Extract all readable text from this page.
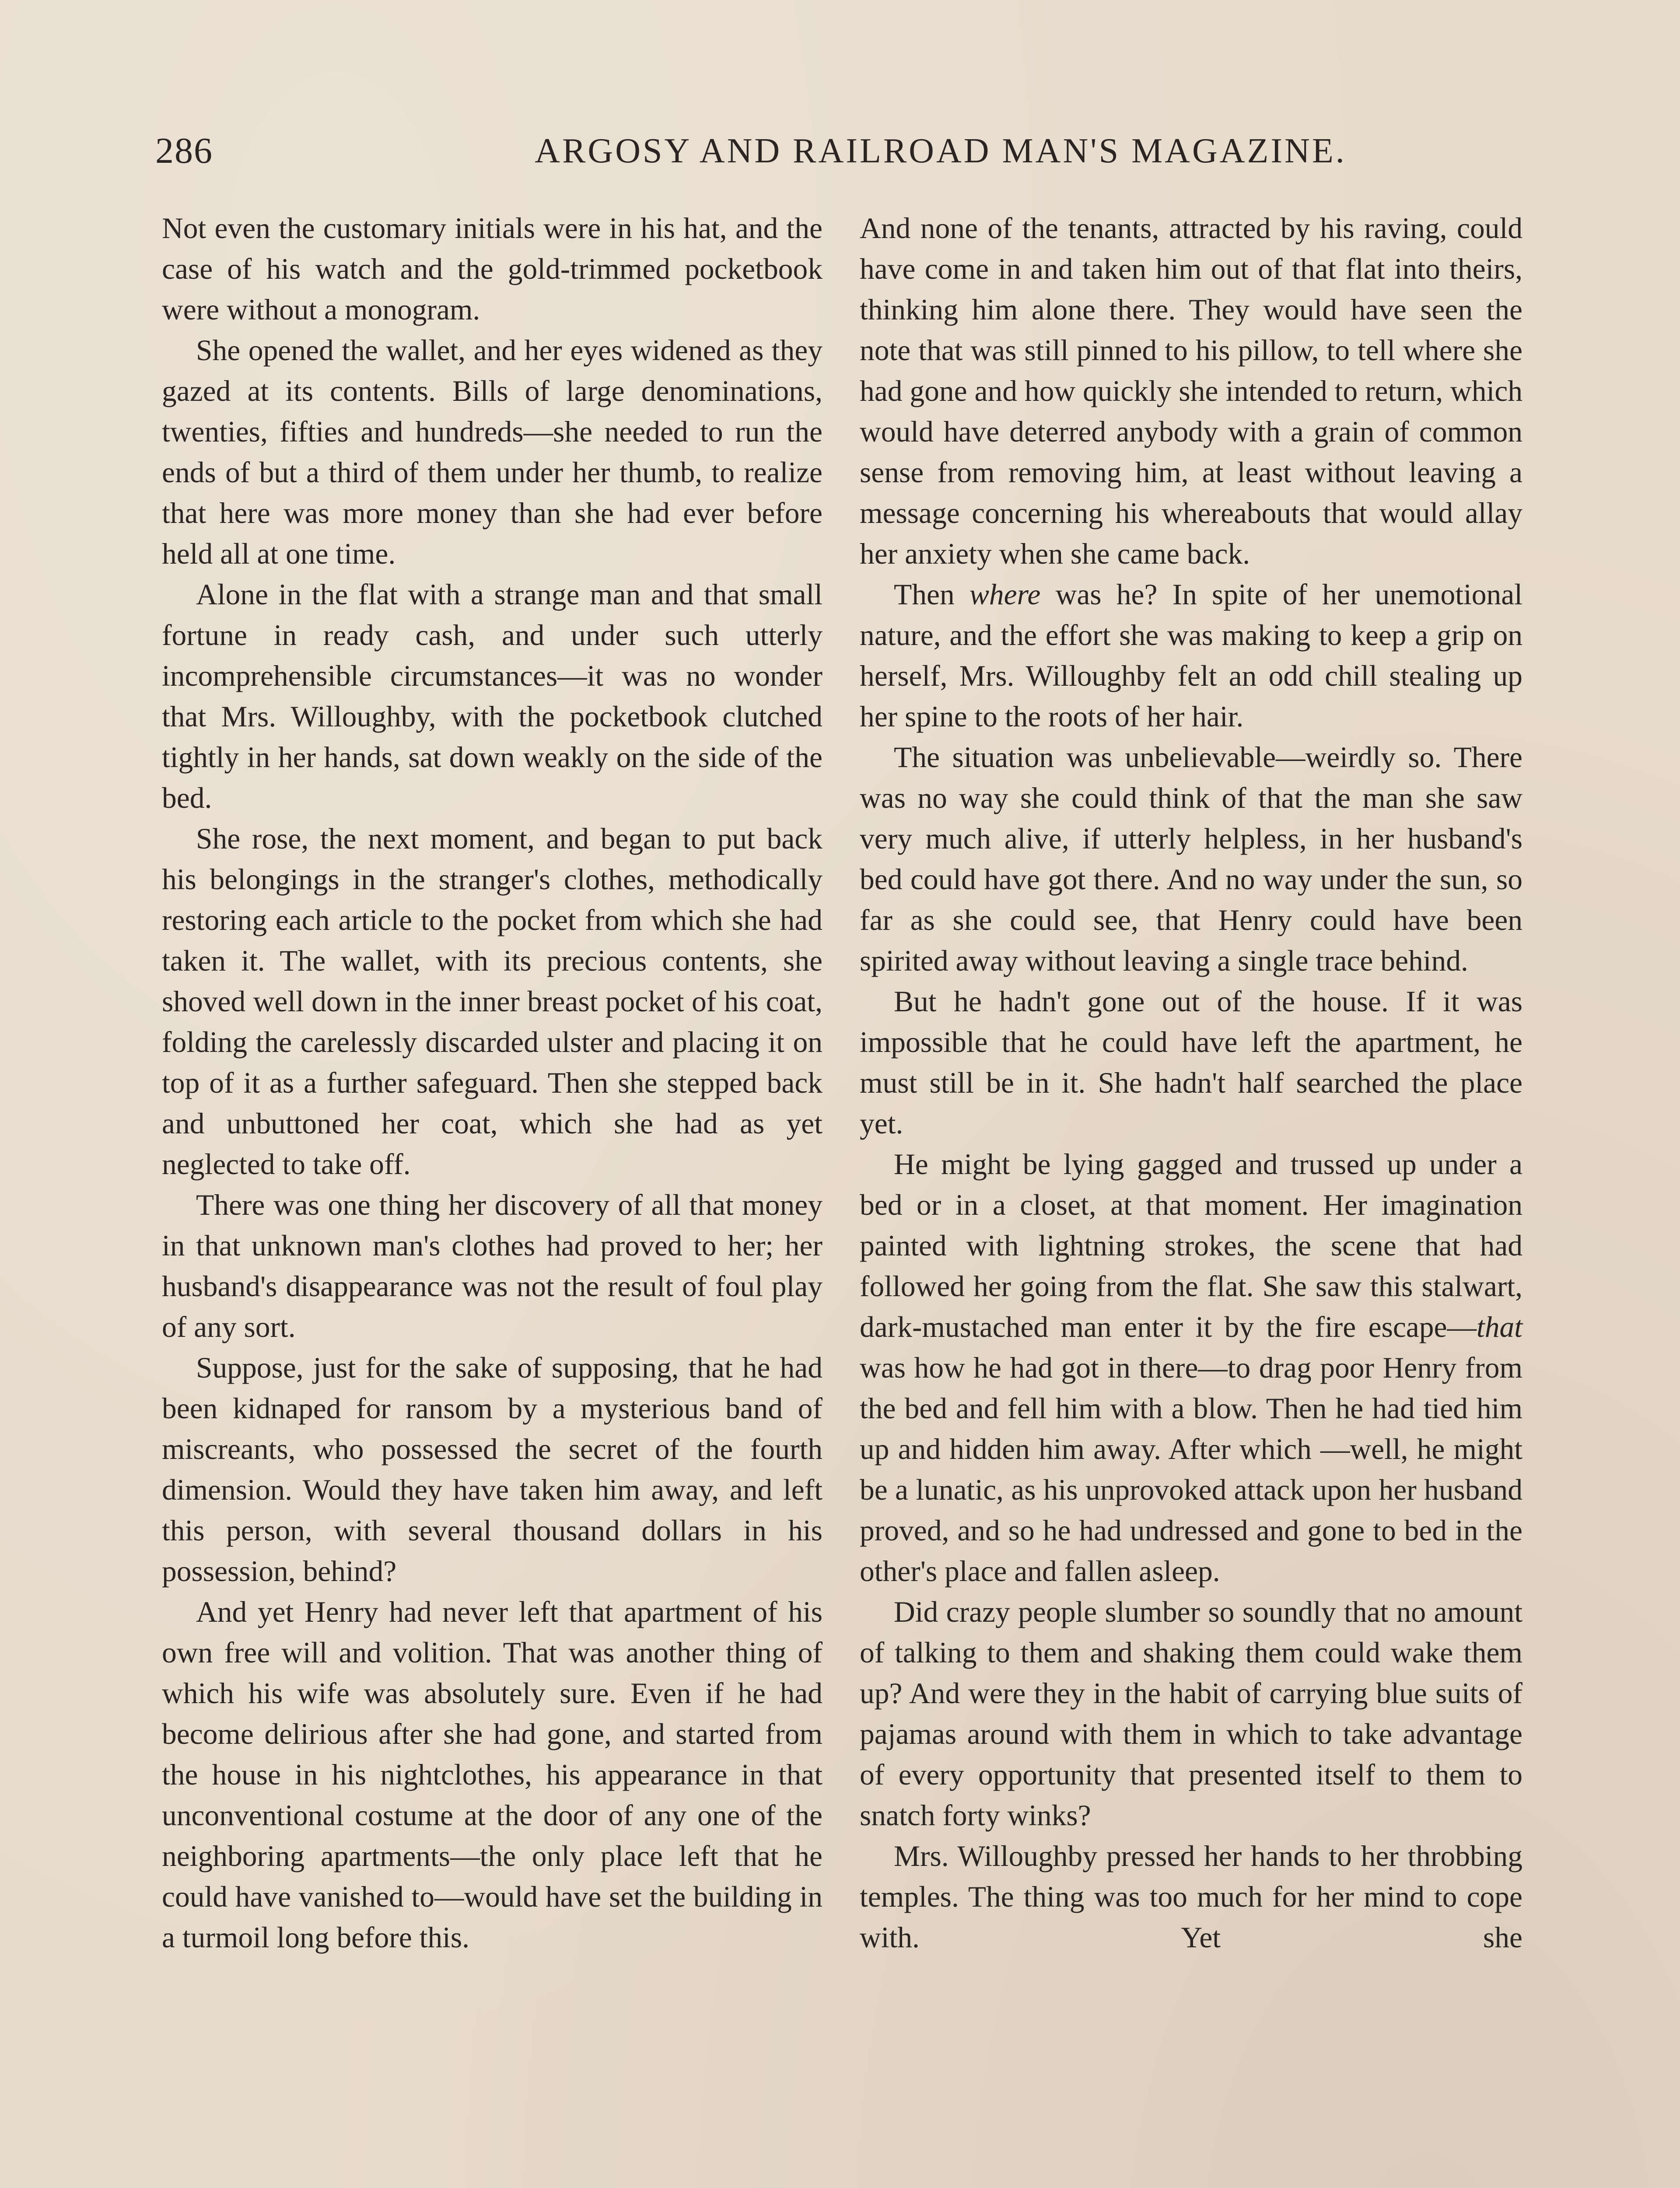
286	ARGOSY AND RAILROAD MAN'S MAGAZINE.

Not even the customary initials were in his hat, and the case of his watch and the gold-trimmed pocketbook were without a monogram.

She opened the wallet, and her eyes widened as they gazed at its contents. Bills of large denominations, twenties, fifties and hundreds—she needed to run the ends of but a third of them under her thumb, to realize that here was more money than she had ever before held all at one time.

Alone in the flat with a strange man and that small fortune in ready cash, and under such utterly incomprehensible circumstances—it was no wonder that Mrs. Willoughby, with the pocketbook clutched tightly in her hands, sat down weakly on the side of the bed.

She rose, the next moment, and began to put back his belongings in the stranger's clothes, methodically restoring each article to the pocket from which she had taken it. The wallet, with its precious contents, she shoved well down in the inner breast pocket of his coat, folding the carelessly discarded ulster and placing it on top of it as a further safeguard. Then she stepped back and unbuttoned her coat, which she had as yet neglected to take off.

There was one thing her discovery of all that money in that unknown man's clothes had proved to her; her husband's disappearance was not the result of foul play of any sort.

Suppose, just for the sake of supposing, that he had been kidnaped for ransom by a mysterious band of miscreants, who possessed the secret of the fourth dimension. Would they have taken him away, and left this person, with several thousand dollars in his possession, behind?

And yet Henry had never left that apartment of his own free will and volition. That was another thing of which his wife was absolutely sure. Even if he had become delirious after she had gone, and started from the house in his nightclothes, his appearance in that unconventional costume at the door of any one of the neighboring apartments—the only place left that he could have vanished to—would have set the building in a turmoil long before this.

And none of the tenants, attracted by his raving, could have come in and taken him out of that flat into theirs, thinking him alone there. They would have seen the note that was still pinned to his pillow, to tell where she had gone and how quickly she intended to return, which would have deterred anybody with a grain of common sense from removing him, at least without leaving a message concerning his whereabouts that would allay her anxiety when she came back.

Then where was he? In spite of her unemotional nature, and the effort she was making to keep a grip on herself, Mrs. Willoughby felt an odd chill stealing up her spine to the roots of her hair.

The situation was unbelievable—weirdly so. There was no way she could think of that the man she saw very much alive, if utterly helpless, in her husband's bed could have got there. And no way under the sun, so far as she could see, that Henry could have been spirited away without leaving a single trace behind.

But he hadn't gone out of the house. If it was impossible that he could have left the apartment, he must still be in it. She hadn't half searched the place yet.

He might be lying gagged and trussed up under a bed or in a closet, at that moment. Her imagination painted with lightning strokes, the scene that had followed her going from the flat. She saw this stalwart, dark-mustached man enter it by the fire escape—that was how he had got in there—to drag poor Henry from the bed and fell him with a blow. Then he had tied him up and hidden him away. After which —well, he might be a lunatic, as his unprovoked attack upon her husband proved, and so he had undressed and gone to bed in the other's place and fallen asleep.

Did crazy people slumber so soundly that no amount of talking to them and shaking them could wake them up? And were they in the habit of carrying blue suits of pajamas around with them in which to take advantage of every opportunity that presented itself to them to snatch forty winks?

Mrs. Willoughby pressed her hands to her throbbing temples. The thing was too much for her mind to cope with. Yet she
